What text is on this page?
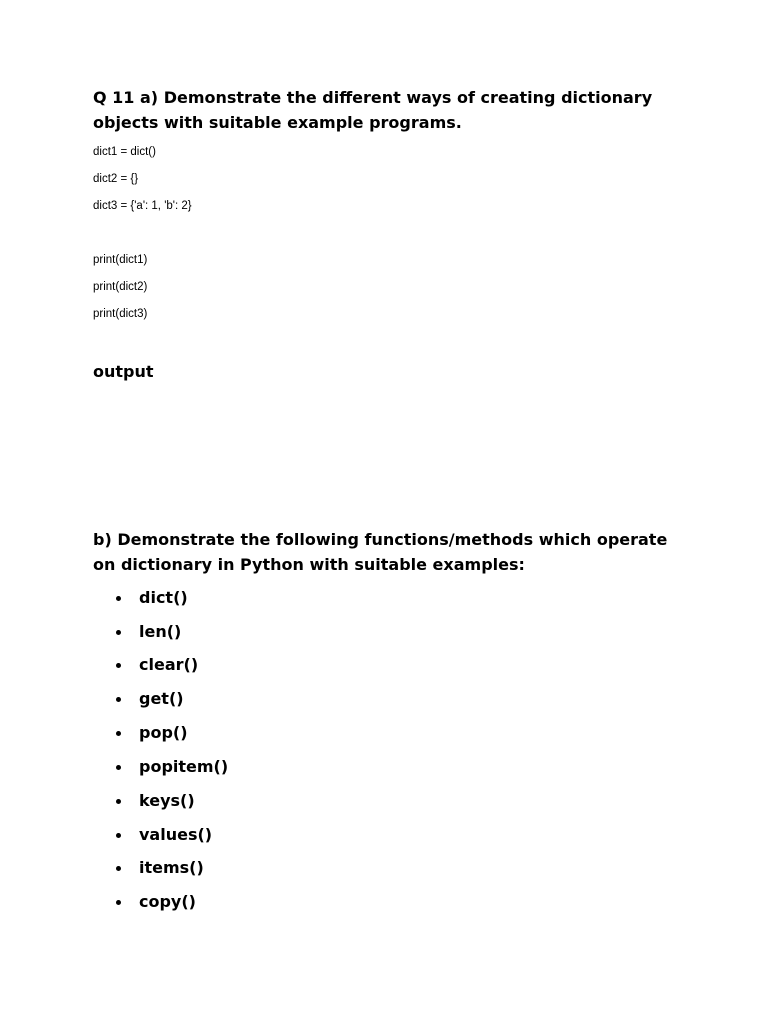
Q 11 a) Demonstrate the different ways of creating dictionary objects with suitable example programs.

dict1 = dict()

dict2 = {}

dict3 = {'a': 1, 'b': 2}

print(dict1)

print(dict2)

print(dict3)

output

b) Demonstrate the following functions/methods which operate on dictionary in Python with suitable examples:

dict()
len()
clear()
get()
pop()
popitem()
keys()
values()
items()
copy()
